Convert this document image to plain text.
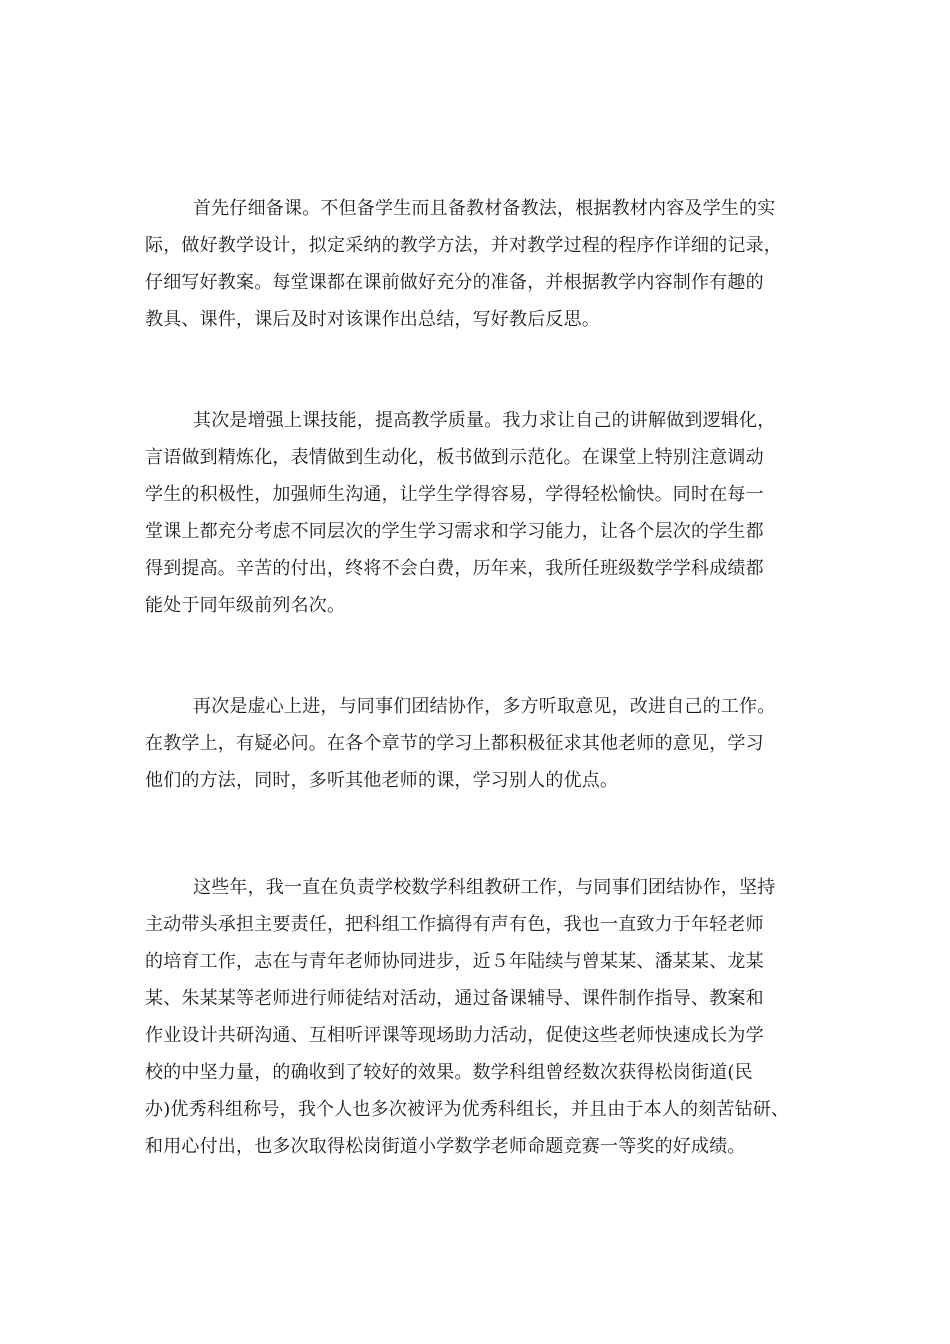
首先仔细备课。不但备学生而且备教材备教法，根据教材内容及学生的实
际，做好教学设计，拟定采纳的教学方法，并对教学过程的程序作详细的记录，
仔细写好教案。每堂课都在课前做好充分的准备，并根据教学内容制作有趣的
教具、课件，课后及时对该课作出总结，写好教后反思。
其次是增强上课技能，提高教学质量。我力求让自己的讲解做到逻辑化，
言语做到精炼化，表情做到生动化，板书做到示范化。在课堂上特别注意调动
学生的积极性，加强师生沟通，让学生学得容易，学得轻松愉快。同时在每一
堂课上都充分考虑不同层次的学生学习需求和学习能力，让各个层次的学生都
得到提高。辛苦的付出，终将不会白费，历年来，我所任班级数学学科成绩都
能处于同年级前列名次。
再次是虚心上进，与同事们团结协作，多方听取意见，改进自己的工作。
在教学上，有疑必问。在各个章节的学习上都积极征求其他老师的意见，学习
他们的方法，同时，多听其他老师的课，学习别人的优点。
这些年，我一直在负责学校数学科组教研工作，与同事们团结协作，坚持
主动带头承担主要责任，把科组工作搞得有声有色，我也一直致力于年轻老师
的培育工作，志在与青年老师协同进步，近５年陆续与曾某某、潘某某、龙某
某、朱某某等老师进行师徒结对活动，通过备课辅导、课件制作指导、教案和
作业设计共研沟通、互相听评课等现场助力活动，促使这些老师快速成长为学
校的中坚力量，的确收到了较好的效果。数学科组曾经数次获得松岗街道(民
办)优秀科组称号，我个人也多次被评为优秀科组长，并且由于本人的刻苦钻研、
和用心付出，也多次取得松岗街道小学数学老师命题竞赛一等奖的好成绩。
